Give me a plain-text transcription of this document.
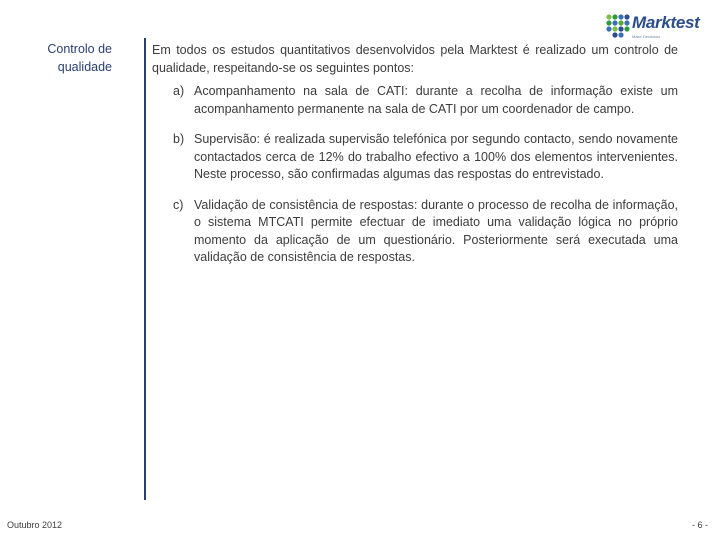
Marktest
Make Decisions
Controlo de qualidade
Em todos os estudos quantitativos desenvolvidos pela Marktest é realizado um controlo de qualidade, respeitando-se os seguintes pontos:
a) Acompanhamento na sala de CATI: durante a recolha de informação existe um acompanhamento permanente na sala de CATI por um coordenador de campo.
b) Supervisão: é realizada supervisão telefónica por segundo contacto, sendo novamente contactados cerca de 12% do trabalho efectivo a 100% dos elementos intervenientes. Neste processo, são confirmadas algumas das respostas do entrevistado.
c) Validação de consistência de respostas: durante o processo de recolha de informação, o sistema MTCATI permite efectuar de imediato uma validação lógica no próprio momento da aplicação de um questionário. Posteriormente será executada uma validação de consistência de respostas.
Outubro 2012	- 6 -
